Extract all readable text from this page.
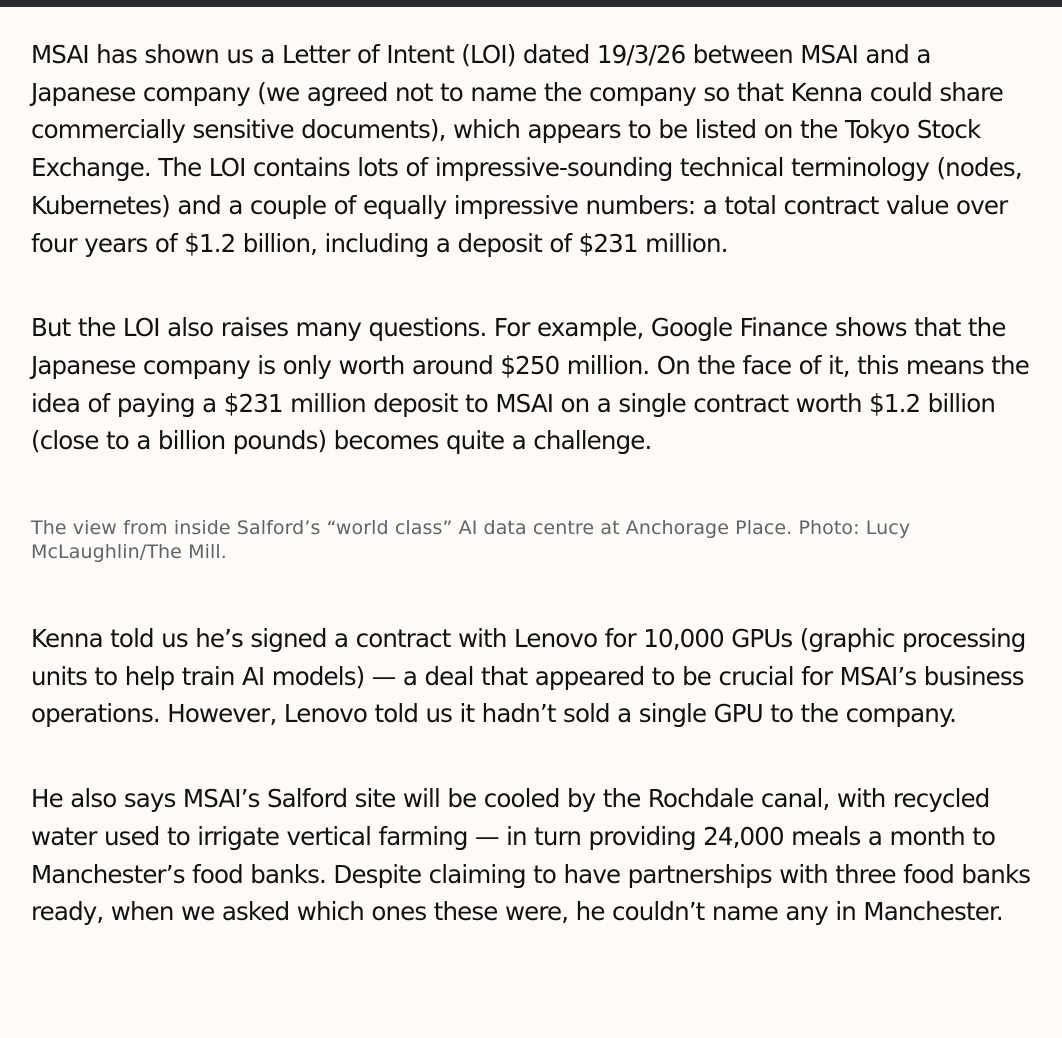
MSAI has shown us a Letter of Intent (LOI) dated 19/3/26 between MSAI and a Japanese company (we agreed not to name the company so that Kenna could share commercially sensitive documents), which appears to be listed on the Tokyo Stock Exchange. The LOI contains lots of impressive-sounding technical terminology (nodes, Kubernetes) and a couple of equally impressive numbers: a total contract value over four years of $1.2 billion, including a deposit of $231 million.

But the LOI also raises many questions. For example, Google Finance shows that the Japanese company is only worth around $250 million. On the face of it, this means the idea of paying a $231 million deposit to MSAI on a single contract worth $1.2 billion (close to a billion pounds) becomes quite a challenge.

The view from inside Salford’s “world class” AI data centre at Anchorage Place. Photo: Lucy McLaughlin/The Mill.

Kenna told us he’s signed a contract with Lenovo for 10,000 GPUs (graphic processing units to help train AI models) — a deal that appeared to be crucial for MSAI’s business operations. However, Lenovo told us it hadn’t sold a single GPU to the company.

He also says MSAI’s Salford site will be cooled by the Rochdale canal, with recycled water used to irrigate vertical farming — in turn providing 24,000 meals a month to Manchester’s food banks. Despite claiming to have partnerships with three food banks ready, when we asked which ones these were, he couldn’t name any in Manchester.
